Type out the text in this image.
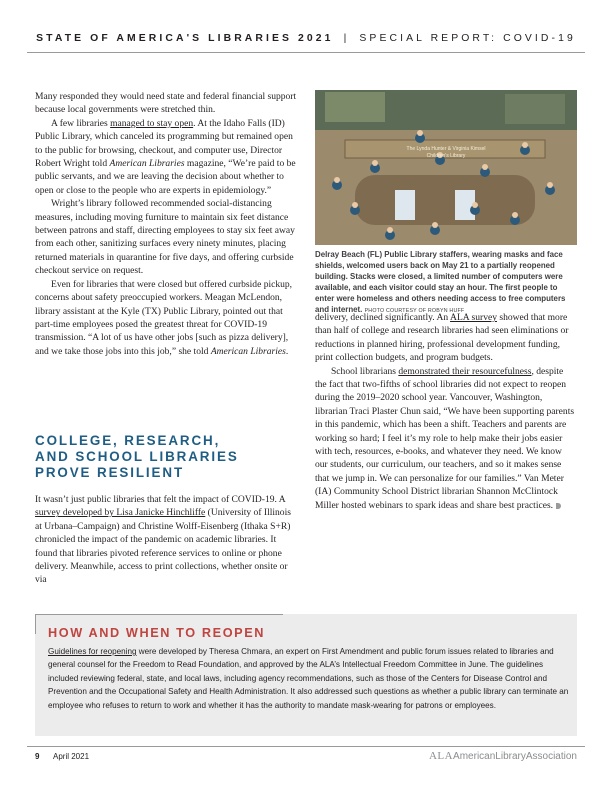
STATE OF AMERICA'S LIBRARIES 2021 | SPECIAL REPORT: COVID-19

Many responded they would need state and federal financial support because local governments were stretched thin.

A few libraries managed to stay open. At the Idaho Falls (ID) Public Library, which canceled its programming but remained open to the public for browsing, checkout, and computer use, Director Robert Wright told American Libraries magazine, “We’re paid to be public servants, and we are leaving the decision about whether to open or close to the people who are experts in epidemiology.”

Wright’s library followed recommended social-distancing measures, including moving furniture to maintain six feet distance between patrons and staff, directing employees to stay six feet away from each other, sanitizing surfaces every ninety minutes, placing returned materials in quarantine for five days, and offering curbside checkout service on request.

Even for libraries that were closed but offered curbside pickup, concerns about safety preoccupied workers. Meagan McLendon, library assistant at the Kyle (TX) Public Library, pointed out that part-time employees posed the greatest threat for COVID-19 transmission. “A lot of us have other jobs [such as pizza delivery], and we take those jobs into this job,” she told American Libraries.

The Lynda Hunter & Virginia Kimsel
Children's Library
Delray Beach (FL) Public Library staffers, wearing masks and face shields, welcomed users back on May 21 to a partially reopened building. Stacks were closed, a limited number of computers were available, and each visitor could stay an hour. The first people to enter were homeless and others needing access to free computers and internet. PHOTO COURTESY OF ROBYN HUFF

delivery, declined significantly. An ALA survey showed that more than half of college and research libraries had seen eliminations or reductions in planned hiring, professional development funding, print collection budgets, and program budgets.

School librarians demonstrated their resourcefulness, despite the fact that two-fifths of school libraries did not expect to reopen during the 2019–2020 school year. Vancouver, Washington, librarian Traci Plaster Chun said, “We have been supporting parents in this pandemic, which has been a shift. Teachers and parents are working so hard; I feel it’s my role to help make their jobs easier with tech, resources, e-books, and whatever they need. We know our students, our curriculum, our teachers, and so it makes sense that we jump in. We can personalize for our families.” Van Meter (IA) Community School District librarian Shannon McClintock Miller hosted webinars to spark ideas and share best practices.

COLLEGE, RESEARCH,
AND SCHOOL LIBRARIES
PROVE RESILIENT

It wasn’t just public libraries that felt the impact of COVID-19. A survey developed by Lisa Janicke Hinchliffe (University of Illinois at Urbana–Campaign) and Christine Wolff-Eisenberg (Ithaka S+R) chronicled the impact of the pandemic on academic libraries. It found that libraries pivoted reference services to online or phone delivery. Meanwhile, access to print collections, whether onsite or via

HOW AND WHEN TO REOPEN
Guidelines for reopening were developed by Theresa Chmara, an expert on First Amendment and public forum issues related to libraries and general counsel for the Freedom to Read Foundation, and approved by the ALA’s Intellectual Freedom Committee in June. The guidelines included reviewing federal, state, and local laws, including agency recommendations, such as those of the Centers for Disease Control and Prevention and the Occupational Safety and Health Administration. It also addressed such questions as whether a public library can terminate an employee who refuses to return to work and whether it has the authority to mandate mask-wearing for patrons or employees.
9 April 2021	ALAAmericanLibraryAssociation
